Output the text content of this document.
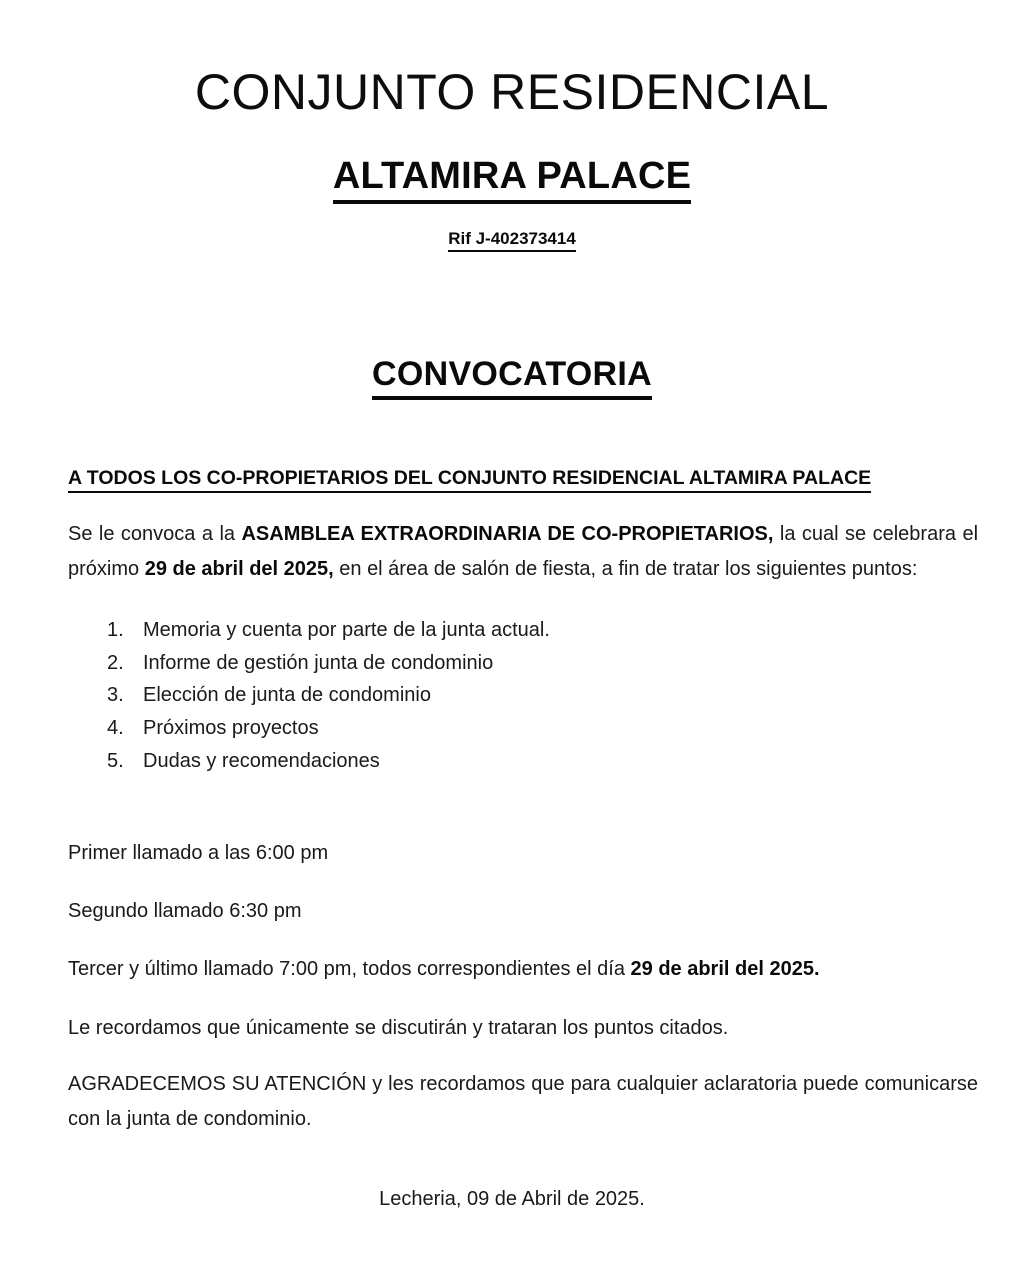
CONJUNTO RESIDENCIAL
ALTAMIRA PALACE
Rif J-402373414
CONVOCATORIA
A TODOS LOS CO-PROPIETARIOS DEL CONJUNTO RESIDENCIAL ALTAMIRA PALACE

Se le convoca a la ASAMBLEA EXTRAORDINARIA DE CO-PROPIETARIOS, la cual se celebrara el próximo 29 de abril del 2025, en el área de salón de fiesta, a fin de tratar los siguientes puntos:

Memoria y cuenta por parte de la junta actual.
Informe de gestión junta de condominio
Elección de junta de condominio
Próximos proyectos
Dudas y recomendaciones

Primer llamado a las 6:00 pm

Segundo llamado 6:30 pm

Tercer y último llamado 7:00 pm, todos correspondientes el día 29 de abril del 2025.

Le recordamos que únicamente se discutirán y trataran los puntos citados.

AGRADECEMOS SU ATENCIÓN y les recordamos que para cualquier aclaratoria puede comunicarse con la junta de condominio.

Lecheria, 09 de Abril de 2025.
